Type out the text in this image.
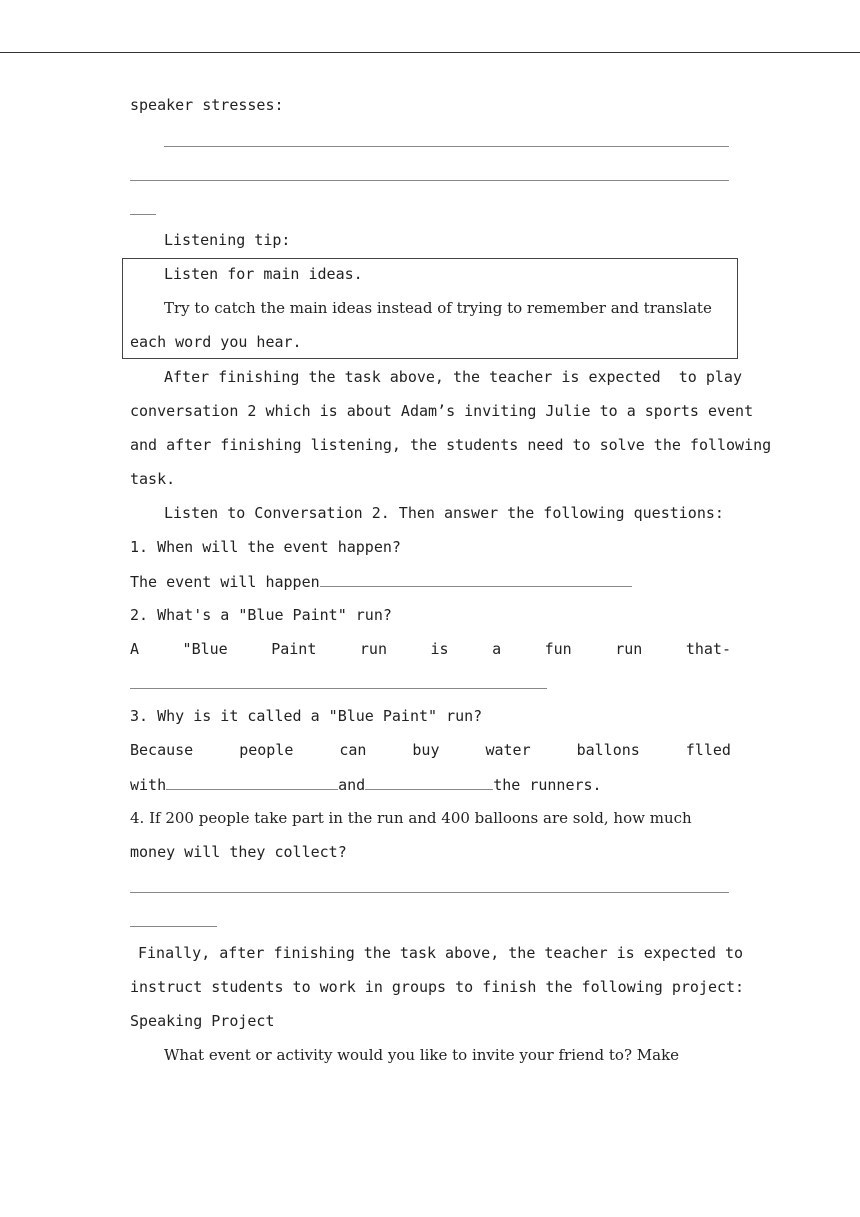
speaker stresses:
Listening tip:
Listen for main ideas.
Try to catch the main ideas instead of trying to remember and translate
each word you hear.
After finishing the task above, the teacher is expected  to play
conversation 2 which is about Adam’s inviting Julie to a sports event
and after finishing listening, the students need to solve the following
task.
Listen to Conversation 2. Then answer the following questions:
1. When will the event happen?
The event will happen
2. What's a "Blue Paint" run?
A	"Blue	Paint	run	is	a	fun	run	that-
3. Why is it called a "Blue Paint" run?
Because	people	can	buy	water	ballons	flled
with	and	the runners.
4. If 200 people take part in the run and 400 balloons are sold, how much
money will they collect?
Finally, after finishing the task above, the teacher is expected to
instruct students to work in groups to finish the following project:
Speaking Project
What event or activity would you like to invite your friend to? Make
